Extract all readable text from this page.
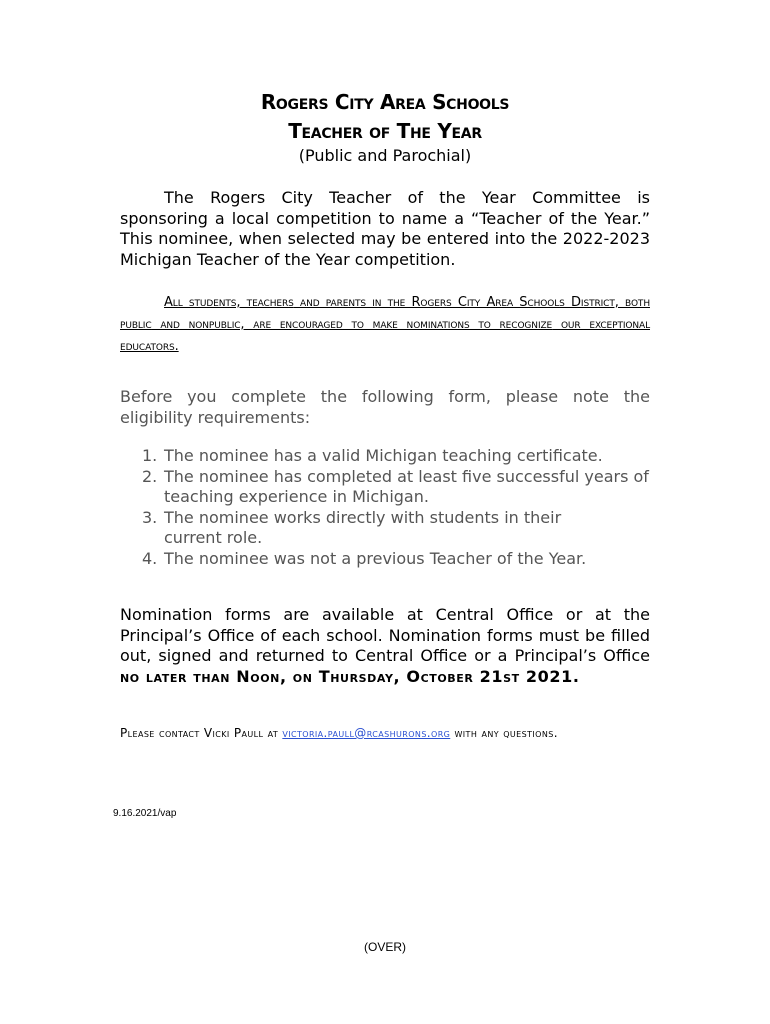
Rogers City Area Schools
Teacher of The Year
(Public and Parochial)

The Rogers City Teacher of the Year Committee is sponsoring a local competition to name a “Teacher of the Year.” This nominee, when selected may be entered into the 2022-2023 Michigan Teacher of the Year competition.

All students, teachers and parents in the Rogers City Area Schools District, both public and nonpublic, are encouraged to make nominations to recognize our exceptional educators.

Before you complete the following form, please note the eligibility requirements:

1. The nominee has a valid Michigan teaching certificate.
2. The nominee has completed at least five successful years of teaching experience in Michigan.
3. The nominee works directly with students in their current role.
4. The nominee was not a previous Teacher of the Year.

Nomination forms are available at Central Office or at the Principal’s Office of each school. Nomination forms must be filled out, signed and returned to Central Office or a Principal’s Office no later than Noon, on Thursday, October 21st 2021.

Please contact Vicki Paull at victoria.paull@rcashurons.org with any questions.

9.16.2021/vap
(OVER)
